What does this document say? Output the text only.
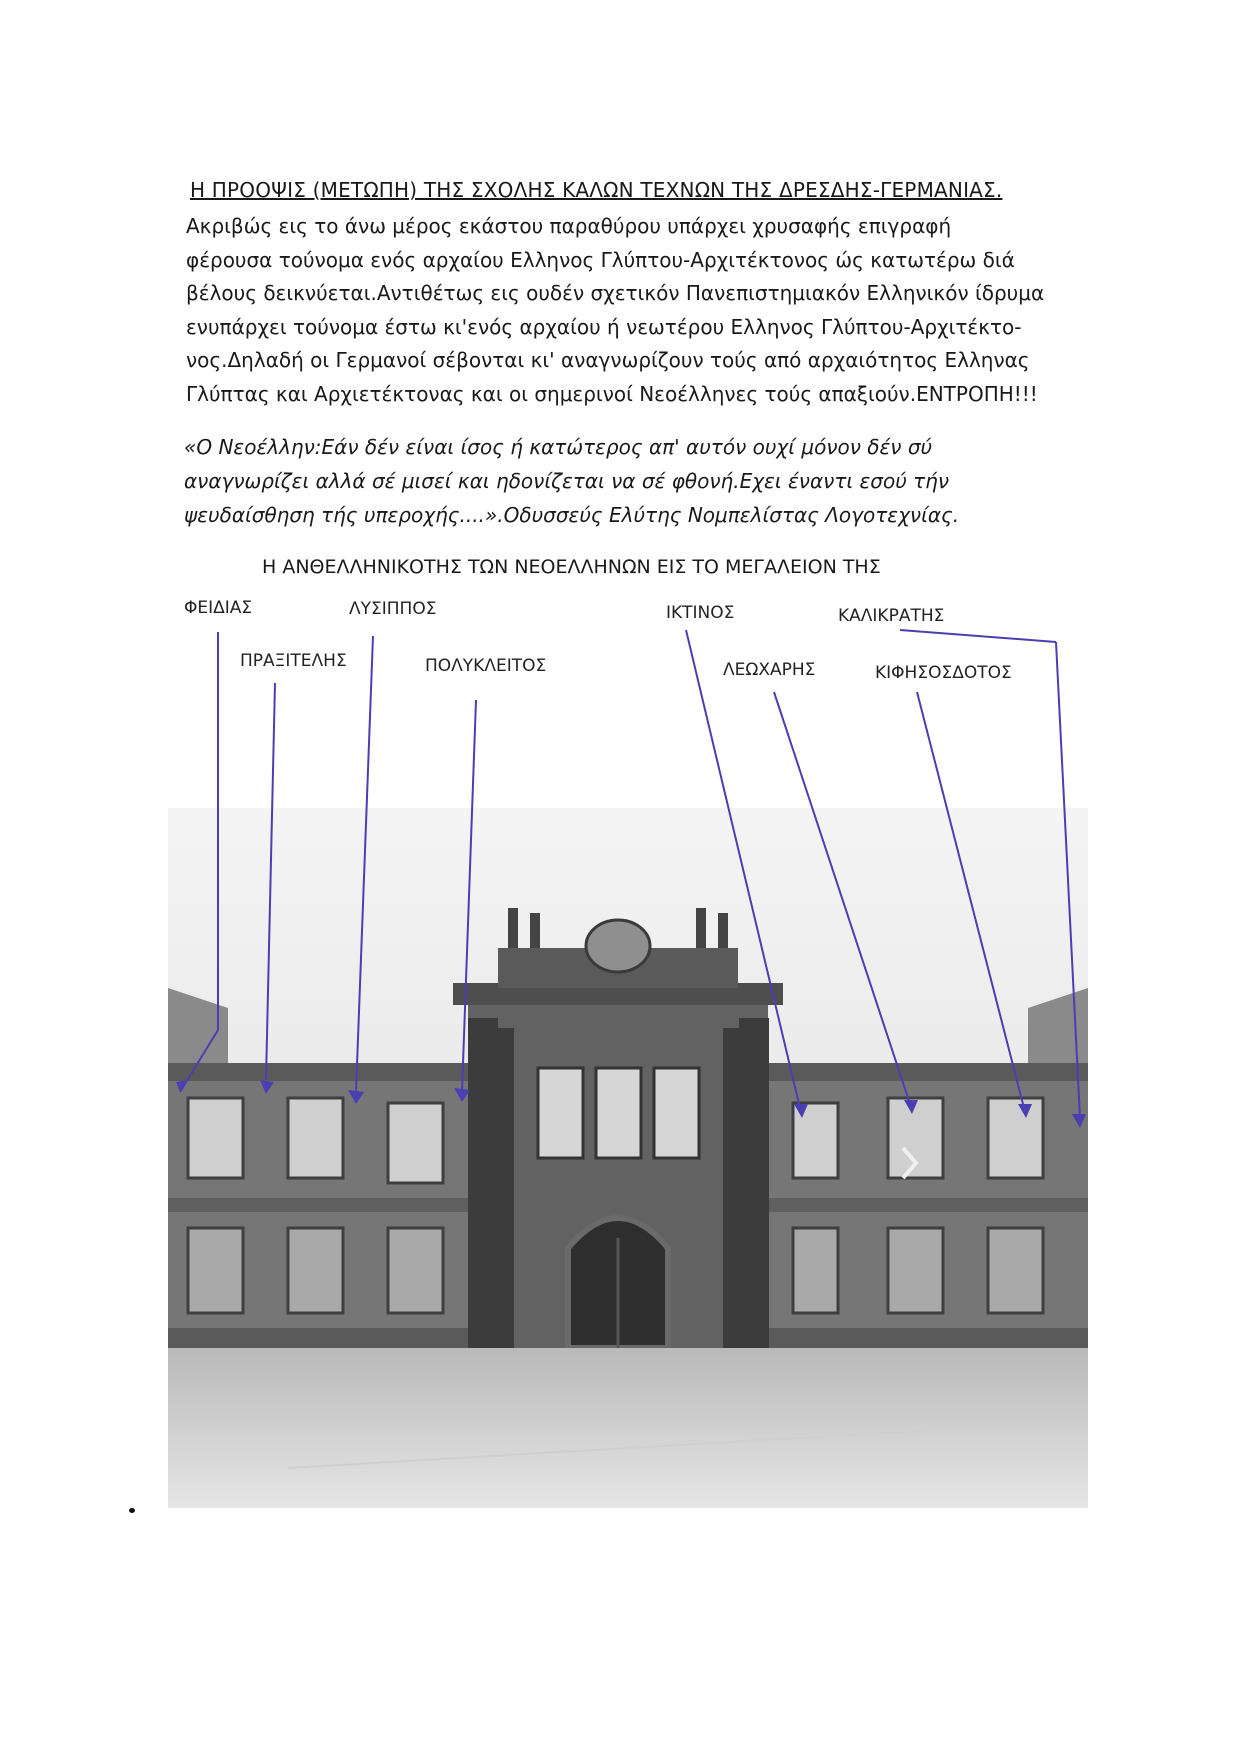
Η ΠΡΟΟΨΙΣ (ΜΕΤΩΠΗ) ΤΗΣ ΣΧΟΛΗΣ ΚΑΛΩΝ ΤΕΧΝΩΝ ΤΗΣ ΔΡΕΣΔΗΣ-ΓΕΡΜΑΝΙΑΣ.

Ακριβώς εις το άνω μέρος εκάστου παραθύρου υπάρχει χρυσαφής επιγραφή

φέρουσα τούνομα ενός αρχαίου Ελληνος Γλύπτου-Αρχιτέκτονος ώς κατωτέρω διά

βέλους δεικνύεται.Αντιθέτως εις ουδέν σχετικόν Πανεπιστημιακόν Ελληνικόν ίδρυμα

ενυπάρχει τούνομα έστω κι'ενός αρχαίου ή νεωτέρου Ελληνος Γλύπτου-Αρχιτέκτο-

νος.Δηλαδή οι Γερμανοί σέβονται κι' αναγνωρίζουν τούς από αρχαιότητος Ελληνας

Γλύπτας και Αρχιετέκτονας και οι σημερινοί Νεοέλληνες τούς απαξιούν.ΕΝΤΡΟΠΗ!!!

«Ο Νεοέλλην:Εάν δέν είναι ίσος ή κατώτερος απ' αυτόν ουχί μόνον δέν σύ
αναγνωρίζει αλλά σέ μισεί και ηδονίζεται να σέ φθονή.Εχει έναντι εσού τήν
ψευδαίσθηση τής υπεροχής....».Οδυσσεύς Ελύτης Νομπελίστας Λογοτεχνίας.
Η ΑΝΘΕΛΛΗΝΙΚΟΤΗΣ ΤΩΝ ΝΕΟΕΛΛΗΝΩΝ ΕΙΣ ΤΟ ΜΕΓΑΛΕΙΟΝ ΤΗΣ
ΦΕΙΔΙΑΣ	ΛΥΣΙΠΠΟΣ	ΙΚΤΙΝΟΣ	ΚΑΛΙΚΡΑΤΗΣ
ΠΡΑΞΙΤΕΛΗΣ	ΠΟΛΥΚΛΕΙΤΟΣ	ΛΕΩΧΑΡΗΣ	ΚΙΦΗΣΟΣΔΟΤΟΣ
